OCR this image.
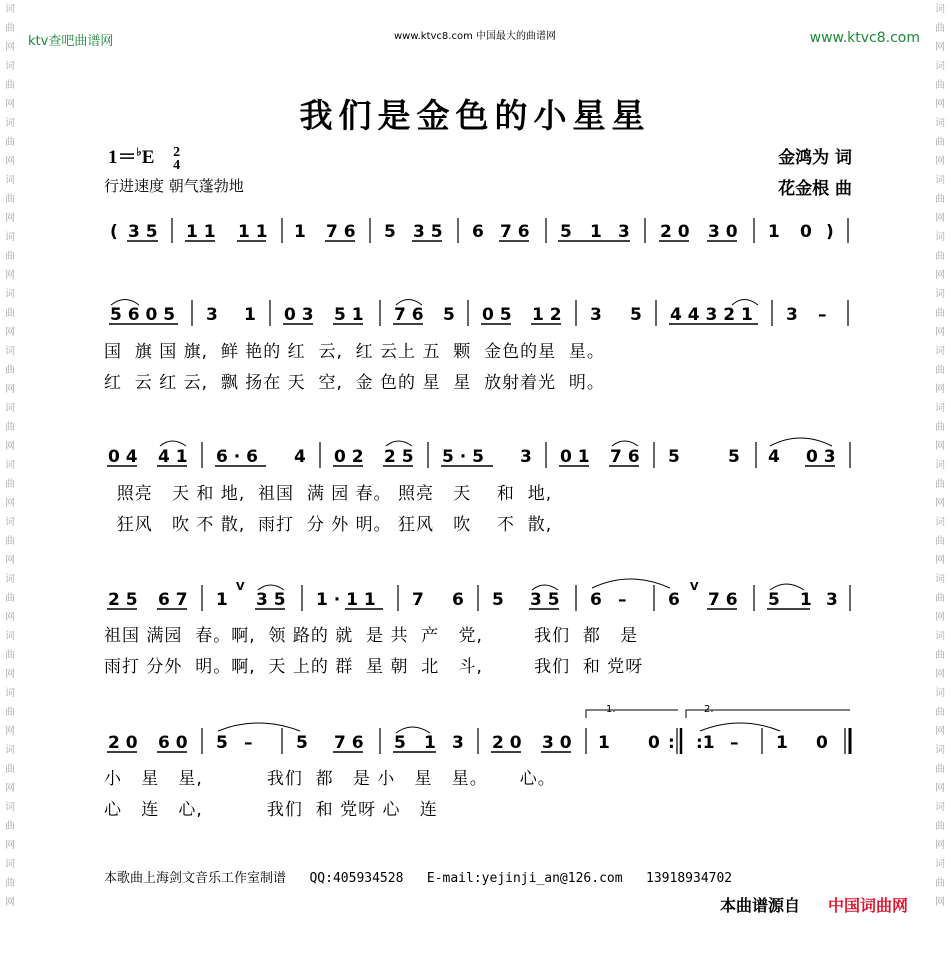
词曲网词曲网词曲网词曲网词曲网词曲网词曲网词曲网词曲网词曲网词曲网词曲网词曲网词曲网词曲网词曲网
词曲网词曲网词曲网词曲网词曲网词曲网词曲网词曲网词曲网词曲网词曲网词曲网词曲网词曲网词曲网词曲网
ktv查吧曲谱网	www.ktvc8.com 中国最大的曲谱网	www.ktvc8.com
我们是金色的小星星
1＝♭E 2
4
行进速度 朝气蓬勃地
金鸿为 词
花金根 曲
( 3 5 1 1 1 1 1 7 6 5 3 5 6 7 6 5 1 3 2 0 3 0 1 0 )
5 6 0 5 3 1 0 3 5 1 7 6 5 0 5 1 2 3 5 4 4 3 2 1 3 –
0 4 4 1 6 · 6 4 0 2 2 5 5 · 5 3 0 1 7 6 5	5 4 0 3
2 5 6 7 1
V
3 5 1 · 1 1 7 6 5 3 5 6 – 6
V
7 6 5 1 3
2 0 6 0 5 –	5 7 6 5 1 3 2 0 3 0
1.
1 0 :
2.
:1 – 1 0
国  旗 国 旗,  鲜 艳的 红  云,  红 云上 五  颗  金色的星  星。
红  云 红 云,  飘 扬在 天  空,  金 色的 星  星  放射着光  明。
照亮   天 和 地,  祖国  满 园 春。 照亮   天    和  地,
狂风   吹 不 散,  雨打  分 外 明。 狂风   吹    不  散,
祖国 满园  春。啊,  领 路的 就  是 共  产   党,        我们  都   是
雨打 分外  明。啊,  天 上的 群  星 朝  北   斗,        我们  和 党呀
小   星   星,          我们  都   是 小   星   星。     心。
心   连   心,          我们  和 党呀 心   连
本歌曲上海剑文音乐工作室制谱   QQ:405934528   E-mail:yejinji_an@126.com   13918934702
本曲谱源自 中国词曲网
